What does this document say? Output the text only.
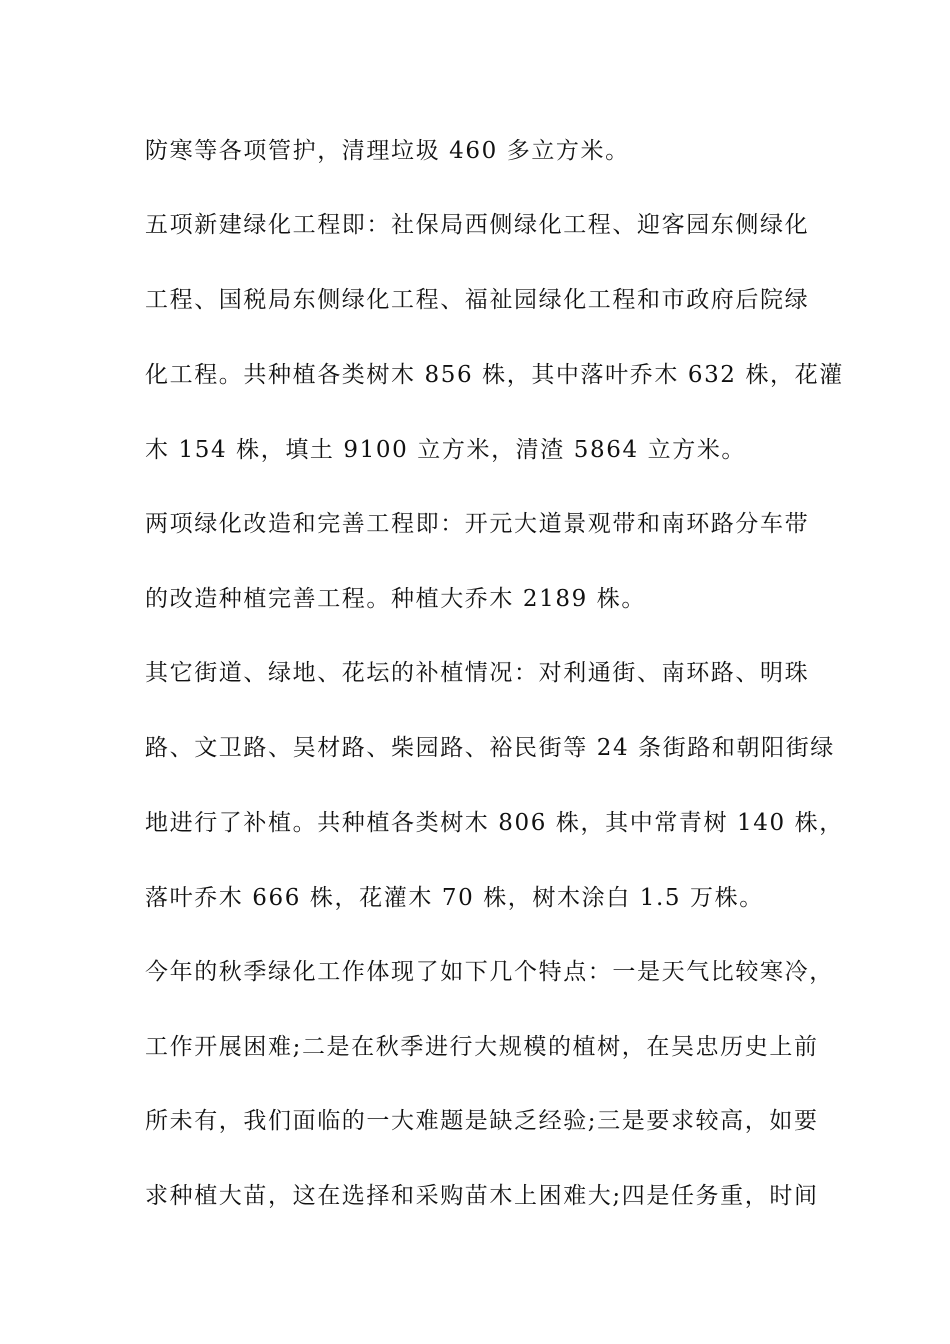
防寒等各项管护，清理垃圾 460 多立方米。
五项新建绿化工程即：社保局西侧绿化工程、迎客园东侧绿化
工程、国税局东侧绿化工程、福祉园绿化工程和市政府后院绿
化工程。共种植各类树木 856 株，其中落叶乔木 632 株，花灌
木 154 株，填土 9100 立方米，清渣 5864 立方米。
两项绿化改造和完善工程即：开元大道景观带和南环路分车带
的改造种植完善工程。种植大乔木 2189 株。
其它街道、绿地、花坛的补植情况：对利通街、南环路、明珠
路、文卫路、吴材路、柴园路、裕民街等 24 条街路和朝阳街绿
地进行了补植。共种植各类树木 806 株，其中常青树 140 株，
落叶乔木 666 株，花灌木 70 株，树木涂白 1.5 万株。
今年的秋季绿化工作体现了如下几个特点：一是天气比较寒冷，
工作开展困难;二是在秋季进行大规模的植树，在吴忠历史上前
所未有，我们面临的一大难题是缺乏经验;三是要求较高，如要
求种植大苗，这在选择和采购苗木上困难大;四是任务重，时间
